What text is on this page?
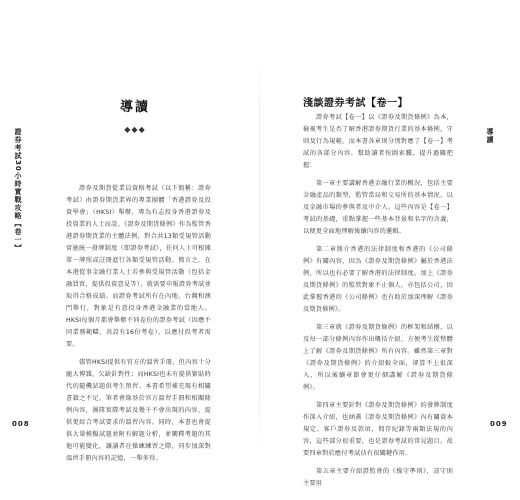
證券考試30小時實戰攻略【卷一】
導讀
◆◆◆

證券及期貨從業員資格考試（以下簡稱：證券考試）由證券期貨業界的專業團體「香港證券及投資學會」（HKSI）舉辦，專為有志投身香港證券及投資業的人士而設。《證券及期貨條例》作為監管香港證券期貨業的主體法例，對合共13類受規管活動實施統一發牌制度（即證券考試），任何人士可根據單一牌照或註冊進行各類受規管活動。簡言之，在本港從事金融行業人士若參與受規管活動（包括金融買賣、提供投資意見等），就需要申報證券考試並取得合格成績。而證券考試所有在內地、台灣和澳門舉行，對象是有意投身香港金融業的當地人。HKSI每個月都會舉辦不同卷份的證券考試（因應不同業務範疇，共設有16份考卷），以應付投考者需要。

儘管HKSI提供有官方的溫習手冊，但內容十分龐大博雜，欠缺針對性；而HKSI也未有提供緊貼時代的隨機試題供考生預習。本書希望補充現有相關書籍之不足，筆者會緣基於官方溫習手冊和相關條例內容，團隊實際考試及幾千不會出現的內容，提供更綜合考試要求的溫習內容。同時，本書也會提供大量模擬試題並附有解題分析，並闡釋考題的其他可能變化，讓讀者在操練練習之際，同步加深對溫習手冊內容的記憶，一舉多得。

008
淺談證券考試【卷一】

證券考試【卷一】以《證券及期貨條例》為本，檢視考生是否了解香港證券期貨行業的基本條例，守則及行為規範。而本書各章則分別對應了【卷一】考試的各部分內容，幫助讀者按圖索驥，提升過關把握：

第一章主要講解香港金融行業的概況，包括主要金融產品的類型，監管當局和交易所的基本情況，以及金融市場的參與者及中介人。這些內容是【卷一】考試的基礎，重點掌握一些基本背景和名字的含義，以便更全面地理解後續內容的邏輯。

第二章簡介香港的法律制度和香港的《公司條例》有關內容，因為《證券及期貨條例》屬於香港法例，所以也有必要了解香港的法律制度。加上《證券及期貨條例》的監管對象不止個人，亦包括公司，因此掌握香港的《公司條例》也有助於加深理解《證券及期貨條例》。

第三章就《證券及期貨條例》的框架和結構，以及每一部分條例內容作出概括介紹，方便考生從整體上了解《證券及期貨條例》所有內容。雖然第三章對《證券及期貨條例》的介紹較全面，卻算不上很深入，所以後續章節會更仔細講解《證券及期貨條例》。

第四章主要針對《證券及期貨條例》的發牌制度作深入介紹，也涵蓋《證券及期貨條例》內有關資本規定、客戶證券及款項，佣存紀錄等兩類法規的內容，這些部分很重要，也是證券考試的常見題目，故要四章對於應付考試佔有很關鍵作用。

第五章主要介紹證監會的《操守準則》，該守則主要用

導讀
009
